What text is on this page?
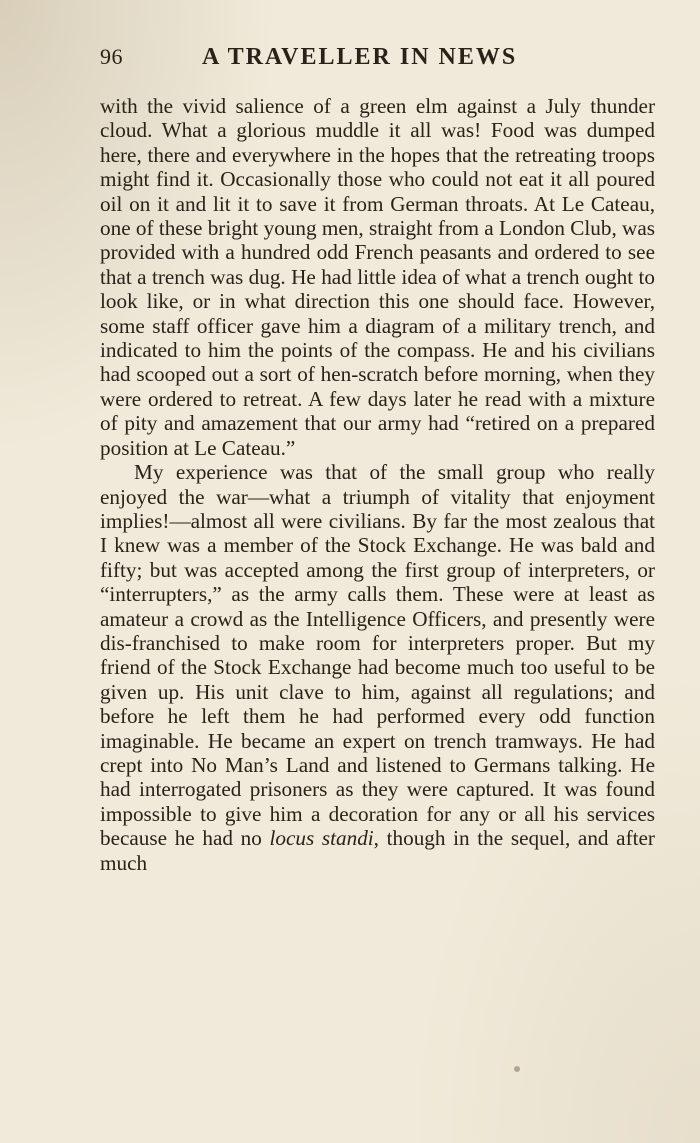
96	A TRAVELLER IN NEWS

with the vivid salience of a green elm against a July thunder cloud. What a glorious muddle it all was! Food was dumped here, there and everywhere in the hopes that the retreating troops might find it. Occasionally those who could not eat it all poured oil on it and lit it to save it from German throats. At Le Cateau, one of these bright young men, straight from a London Club, was provided with a hundred odd French peasants and ordered to see that a trench was dug. He had little idea of what a trench ought to look like, or in what direction this one should face. However, some staff officer gave him a diagram of a military trench, and indicated to him the points of the compass. He and his civilians had scooped out a sort of hen-scratch before morning, when they were ordered to retreat. A few days later he read with a mixture of pity and amazement that our army had “retired on a prepared position at Le Cateau.”

My experience was that of the small group who really enjoyed the war—what a triumph of vitality that enjoyment implies!—almost all were civilians. By far the most zealous that I knew was a member of the Stock Exchange. He was bald and fifty; but was accepted among the first group of interpreters, or “interrupters,” as the army calls them. These were at least as amateur a crowd as the Intelligence Officers, and presently were dis-franchised to make room for interpreters proper. But my friend of the Stock Exchange had become much too useful to be given up. His unit clave to him, against all regulations; and before he left them he had performed every odd function imaginable. He became an expert on trench tramways. He had crept into No Man’s Land and listened to Germans talking. He had interrogated prisoners as they were captured. It was found impossible to give him a decoration for any or all his services because he had no locus standi, though in the sequel, and after much
